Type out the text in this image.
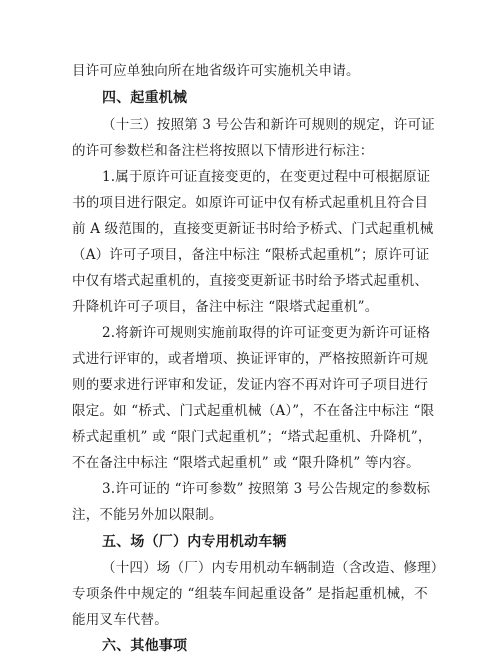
目许可应单独向所在地省级许可实施机关申请。
四、起重机械
（十三）按照第 3 号公告和新许可规则的规定，许可证
的许可参数栏和备注栏将按照以下情形进行标注：
1.属于原许可证直接变更的，在变更过程中可根据原证
书的项目进行限定。如原许可证中仅有桥式起重机且符合目
前 A 级范围的，直接变更新证书时给予桥式、门式起重机械
（A）许可子项目，备注中标注 “限桥式起重机”；原许可证
中仅有塔式起重机的，直接变更新证书时给予塔式起重机、
升降机许可子项目，备注中标注 “限塔式起重机”。
2.将新许可规则实施前取得的许可证变更为新许可证格
式进行评审的，或者增项、换证评审的，严格按照新许可规
则的要求进行评审和发证，发证内容不再对许可子项目进行
限定。如 “桥式、门式起重机械（A）”，不在备注中标注 “限
桥式起重机” 或 “限门式起重机”；“塔式起重机、升降机”，
不在备注中标注 “限塔式起重机” 或 “限升降机” 等内容。
3.许可证的 “许可参数” 按照第 3 号公告规定的参数标
注，不能另外加以限制。
五、场（厂）内专用机动车辆
（十四）场（厂）内专用机动车辆制造（含改造、修理）
专项条件中规定的 “组装车间起重设备” 是指起重机械，不
能用叉车代替。
六、其他事项
